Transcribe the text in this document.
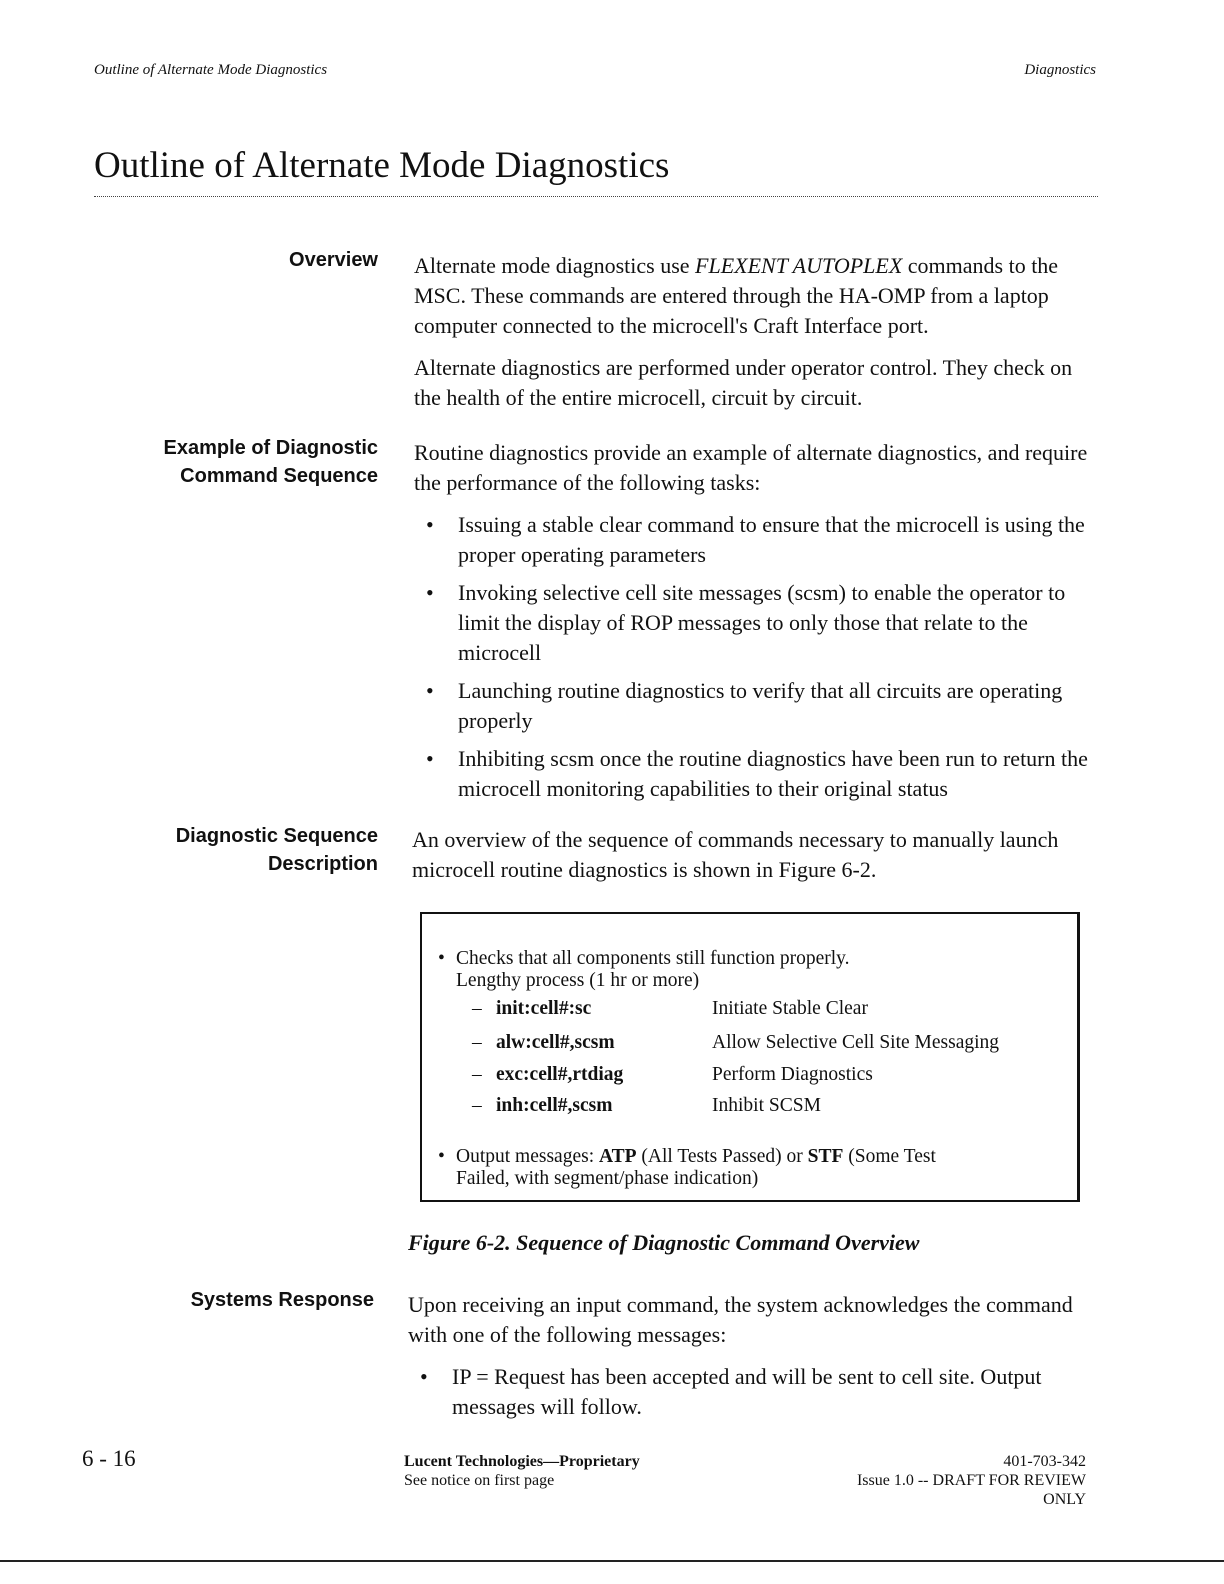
Outline of Alternate Mode Diagnostics	Diagnostics
Outline of Alternate Mode Diagnostics
Overview Alternate mode diagnostics use FLEXENT AUTOPLEX commands to the MSC. These commands are entered through the HA-OMP from a laptop computer connected to the microcell's Craft Interface port.

Alternate diagnostics are performed under operator control. They check on the health of the entire microcell, circuit by circuit.

Example of Diagnostic
Command Sequence

Routine diagnostics provide an example of alternate diagnostics, and require the performance of the following tasks:

• Issuing a stable clear command to ensure that the microcell is using the proper operating parameters
• Invoking selective cell site messages (scsm) to enable the operator to limit the display of ROP messages to only those that relate to the microcell
• Launching routine diagnostics to verify that all circuits are operating properly
• Inhibiting scsm once the routine diagnostics have been run to return the microcell monitoring capabilities to their original status
Diagnostic Sequence
Description

An overview of the sequence of commands necessary to manually launch microcell routine diagnostics is shown in Figure 6-2.

• Checks that all components still function properly.
Lengthy process (1 hr or more)
– init:cell#:sc	Initiate Stable Clear
– alw:cell#,scsm	Allow Selective Cell Site Messaging
– exc:cell#,rtdiag	Perform Diagnostics
– inh:cell#,scsm	Inhibit SCSM
• Output messages: ATP (All Tests Passed) or STF (Some Test
Failed, with segment/phase indication)
Figure 6-2. Sequence of Diagnostic Command Overview
Systems Response Upon receiving an input command, the system acknowledges the command with one of the following messages:

• IP = Request has been accepted and will be sent to cell site. Output messages will follow.
6 - 16	Lucent Technologies—Proprietary
See notice on first page
401-703-342
Issue 1.0 -- DRAFT FOR REVIEW
ONLY
